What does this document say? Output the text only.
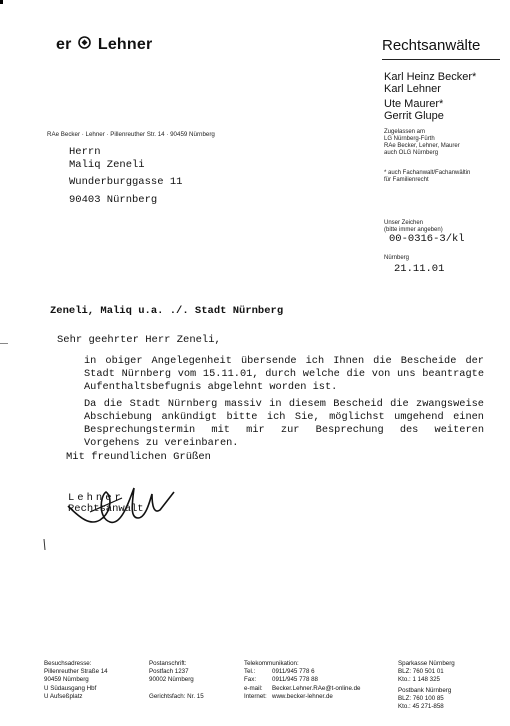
er Lehner	Rechtsanwälte
Karl Heinz Becker*
Karl Lehner
Ute Maurer*
Gerrit Glupe
Zugelassen am
LG Nürnberg-Fürth
RAe Becker, Lehner, Maurer
auch OLG Nürnberg
* auch Fachanwalt/Fachanwältin
für Familienrecht
RAe Becker · Lehner · Pillenreuther Str. 14 · 90459 Nürnberg
Herrn
Maliq Zeneli
Wunderburggasse 11
90403 Nürnberg
Unser Zeichen
(bitte immer angeben)
00-0316-3/kl
Nürnberg
21.11.01
Zeneli, Maliq u.a. ./. Stadt Nürnberg
Sehr geehrter Herr Zeneli,
in obiger Angelegenheit übersende ich Ihnen die Bescheide der Stadt Nürnberg vom 15.11.01, durch welche die von uns beantragte Aufenthaltsbefugnis abgelehnt worden ist.
Da die Stadt Nürnberg massiv in diesem Bescheid die zwangsweise Abschiebung ankündigt bitte ich Sie, möglichst umgehend einen Besprechungstermin mit mir zur Besprechung des weiteren Vorgehens zu vereinbaren.
Mit freundlichen Grüßen
Lehner
Rechtsanwalt
Besuchsadresse:
Pillenreuther Straße 14
90459 Nürnberg
U Südausgang Hbf
U Aufseßplatz
Postanschrift:
Postfach 1237
90002 Nürnberg

Gerichtsfach: Nr. 15
Telekommunikation:
Tel.:	0911/945 778 6
Fax:	0911/945 778 88
e-mail: Becker.Lehner.RAe@t-online.de
Internet: www.becker-lehner.de
Sparkasse Nürnberg
BLZ: 760 501 01
Kto.: 1 148 325
Postbank Nürnberg
BLZ: 760 100 85
Kto.: 45 271-858
